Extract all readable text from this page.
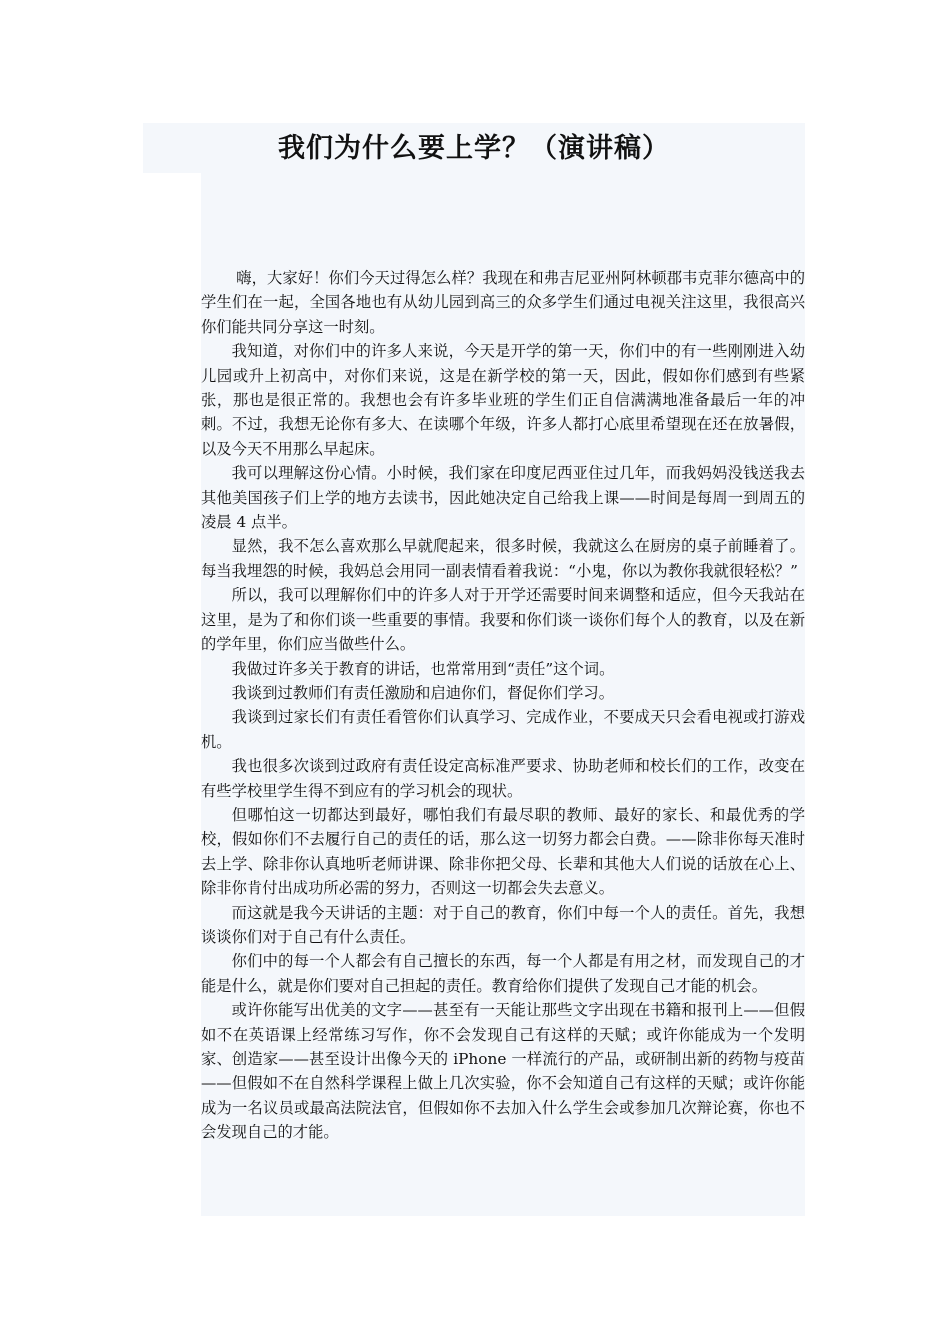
我们为什么要上学？（演讲稿）

嗨，大家好！你们今天过得怎么样？我现在和弗吉尼亚州阿林顿郡韦克菲尔德高中的学生们在一起，全国各地也有从幼儿园到高三的众多学生们通过电视关注这里，我很高兴你们能共同分享这一时刻。

我知道，对你们中的许多人来说，今天是开学的第一天，你们中的有一些刚刚进入幼儿园或升上初高中，对你们来说，这是在新学校的第一天，因此，假如你们感到有些紧张，那也是很正常的。我想也会有许多毕业班的学生们正自信满满地准备最后一年的冲刺。不过，我想无论你有多大、在读哪个年级，许多人都打心底里希望现在还在放暑假，以及今天不用那么早起床。

我可以理解这份心情。小时候，我们家在印度尼西亚住过几年，而我妈妈没钱送我去其他美国孩子们上学的地方去读书，因此她决定自己给我上课——时间是每周一到周五的凌晨 4 点半。

显然，我不怎么喜欢那么早就爬起来，很多时候，我就这么在厨房的桌子前睡着了。每当我埋怨的时候，我妈总会用同一副表情看着我说：“小鬼，你以为教你我就很轻松？”

所以，我可以理解你们中的许多人对于开学还需要时间来调整和适应，但今天我站在这里，是为了和你们谈一些重要的事情。我要和你们谈一谈你们每个人的教育，以及在新的学年里，你们应当做些什么。

我做过许多关于教育的讲话，也常常用到“责任”这个词。

我谈到过教师们有责任激励和启迪你们，督促你们学习。

我谈到过家长们有责任看管你们认真学习、完成作业，不要成天只会看电视或打游戏机。

我也很多次谈到过政府有责任设定高标准严要求、协助老师和校长们的工作，改变在有些学校里学生得不到应有的学习机会的现状。

但哪怕这一切都达到最好，哪怕我们有最尽职的教师、最好的家长、和最优秀的学校，假如你们不去履行自己的责任的话，那么这一切努力都会白费。——除非你每天准时去上学、除非你认真地听老师讲课、除非你把父母、长辈和其他大人们说的话放在心上、除非你肯付出成功所必需的努力，否则这一切都会失去意义。

而这就是我今天讲话的主题：对于自己的教育，你们中每一个人的责任。首先，我想谈谈你们对于自己有什么责任。

你们中的每一个人都会有自己擅长的东西，每一个人都是有用之材，而发现自己的才能是什么，就是你们要对自己担起的责任。教育给你们提供了发现自己才能的机会。

或许你能写出优美的文字——甚至有一天能让那些文字出现在书籍和报刊上——但假如不在英语课上经常练习写作，你不会发现自己有这样的天赋；或许你能成为一个发明家、创造家——甚至设计出像今天的 iPhone 一样流行的产品，或研制出新的药物与疫苗——但假如不在自然科学课程上做上几次实验，你不会知道自己有这样的天赋；或许你能成为一名议员或最高法院法官，但假如你不去加入什么学生会或参加几次辩论赛，你也不会发现自己的才能。
